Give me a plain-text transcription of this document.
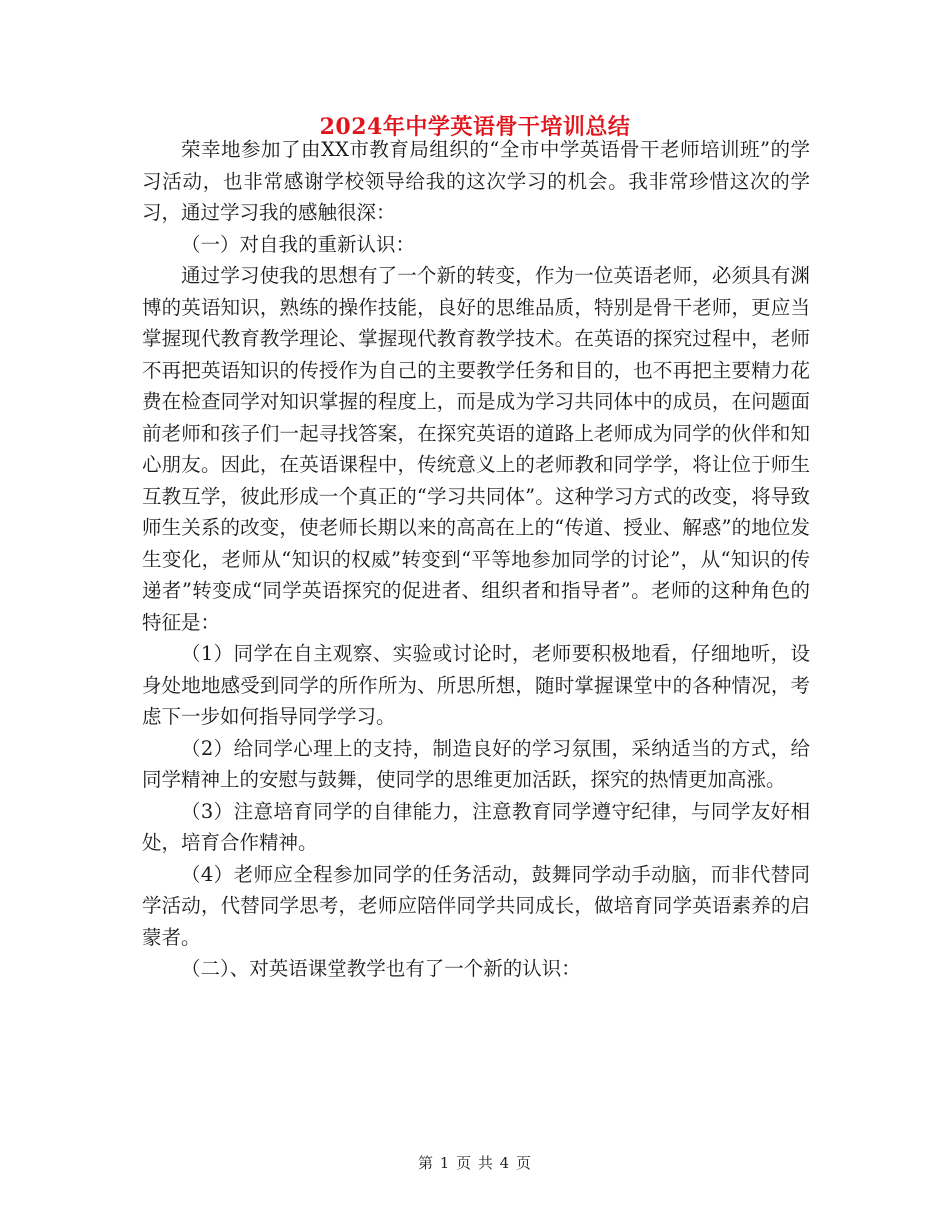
2024年中学英语骨干培训总结

荣幸地参加了由XX市教育局组织的“全市中学英语骨干老师培训班”的学习活动，也非常感谢学校领导给我的这次学习的机会。我非常珍惜这次的学习，通过学习我的感触很深：

（一）对自我的重新认识：

通过学习使我的思想有了一个新的转变，作为一位英语老师，必须具有渊博的英语知识，熟练的操作技能，良好的思维品质，特别是骨干老师，更应当掌握现代教育教学理论、掌握现代教育教学技术。在英语的探究过程中，老师不再把英语知识的传授作为自己的主要教学任务和目的，也不再把主要精力花费在检查同学对知识掌握的程度上，而是成为学习共同体中的成员，在问题面前老师和孩子们一起寻找答案，在探究英语的道路上老师成为同学的伙伴和知心朋友。因此，在英语课程中，传统意义上的老师教和同学学，将让位于师生互教互学，彼此形成一个真正的“学习共同体”。这种学习方式的改变，将导致师生关系的改变，使老师长期以来的高高在上的“传道、授业、解惑”的地位发生变化，老师从“知识的权威”转变到“平等地参加同学的讨论”，从“知识的传递者”转变成“同学英语探究的促进者、组织者和指导者”。老师的这种角色的特征是：

（1）同学在自主观察、实验或讨论时，老师要积极地看，仔细地听，设身处地地感受到同学的所作所为、所思所想，随时掌握课堂中的各种情况，考虑下一步如何指导同学学习。

（2）给同学心理上的支持，制造良好的学习氛围，采纳适当的方式，给同学精神上的安慰与鼓舞，使同学的思维更加活跃，探究的热情更加高涨。

（3）注意培育同学的自律能力，注意教育同学遵守纪律，与同学友好相处，培育合作精神。

（4）老师应全程参加同学的任务活动，鼓舞同学动手动脑，而非代替同学活动，代替同学思考，老师应陪伴同学共同成长，做培育同学英语素养的启蒙者。

（二）、对英语课堂教学也有了一个新的认识：

第 1 页 共 4 页
